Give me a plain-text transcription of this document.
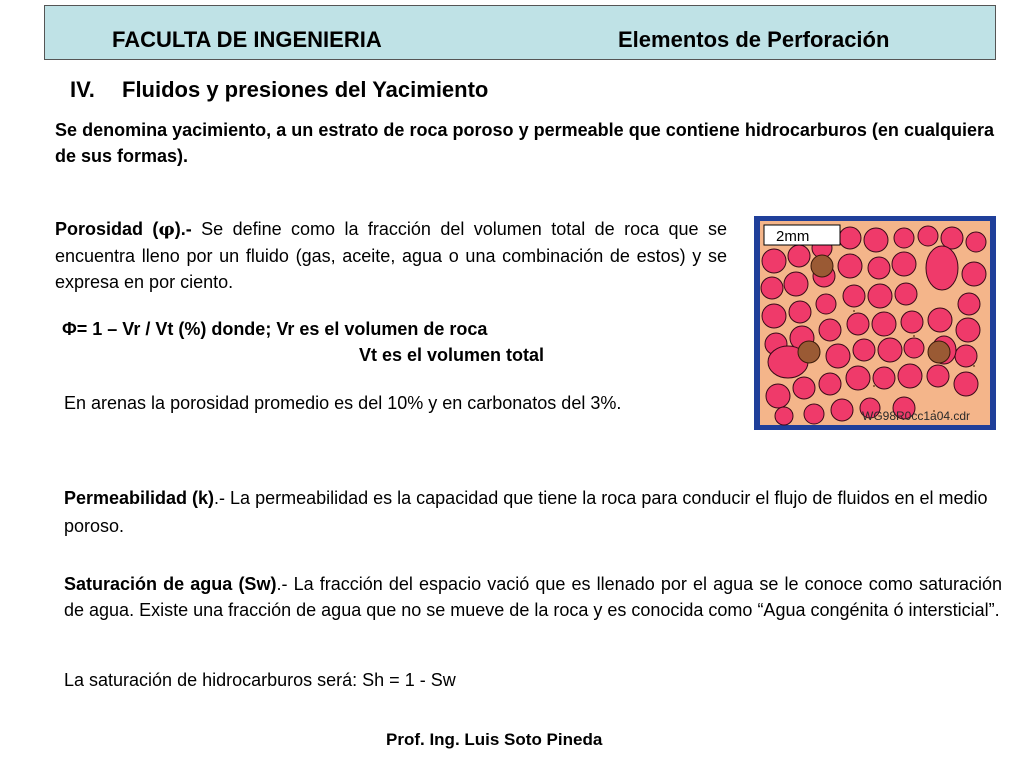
FACULTA DE INGENIERIA	Elementos de Perforación
IV. Fluidos y presiones del Yacimiento
Se denomina yacimiento, a un estrato de roca poroso y permeable que contiene hidrocarburos (en cualquiera de sus formas).
Porosidad (φ).- Se define como la fracción del volumen total de roca que se encuentra lleno por un fluido (gas, aceite, agua o una combinación de estos) y se expresa en por ciento.
Φ= 1 – Vr / Vt (%) donde; Vr es el volumen de roca
Vt es el volumen total
2mm
WG98R0cc1a04.cdr
En arenas la porosidad promedio es del 10% y en carbonatos del 3%.
Permeabilidad (k).- La permeabilidad es la capacidad que tiene la roca para conducir el flujo de fluidos en el medio poroso.
Saturación de agua (Sw).- La fracción del espacio vació que es llenado por el agua se le conoce como saturación de agua. Existe una fracción de agua que no se mueve de la roca y es conocida como “Agua congénita ó intersticial”.
La saturación de hidrocarburos será: Sh = 1 - Sw
Prof. Ing. Luis Soto Pineda
